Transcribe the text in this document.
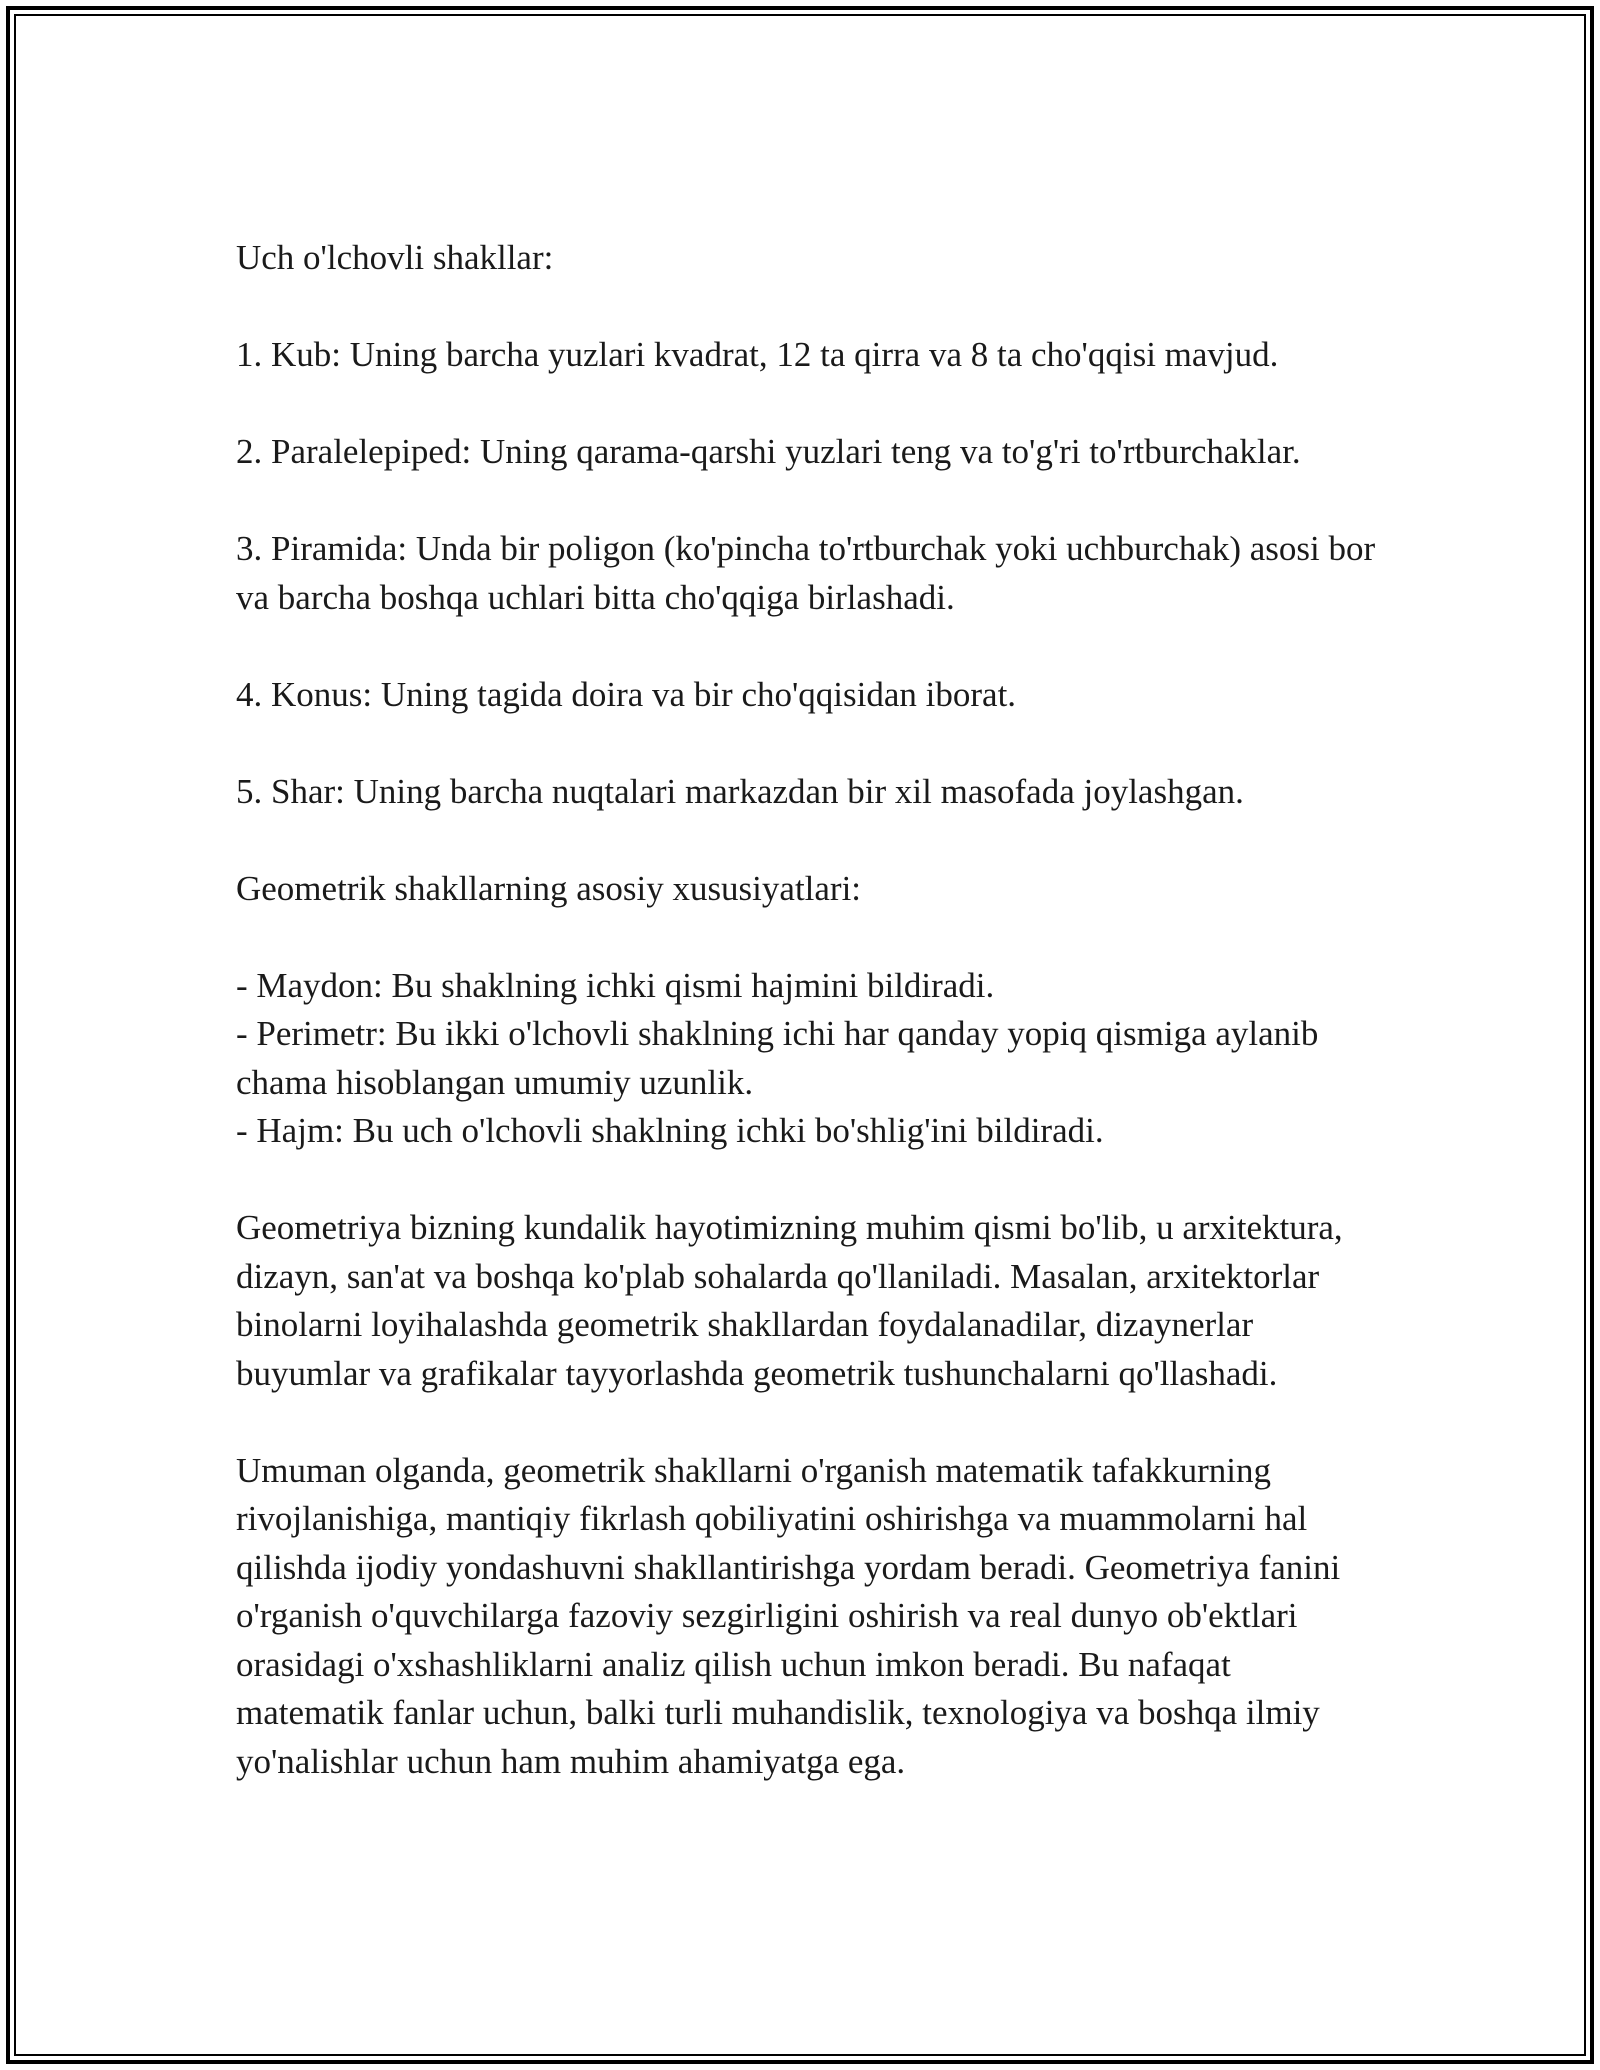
Uch o'lchovli shakllar:

1. Kub: Uning barcha yuzlari kvadrat, 12 ta qirra va 8 ta cho'qqisi mavjud.

2. Paralelepiped: Uning qarama-qarshi yuzlari teng va to'g'ri to'rtburchaklar.

3. Piramida: Unda bir poligon (ko'pincha to'rtburchak yoki uchburchak) asosi bor va barcha boshqa uchlari bitta cho'qqiga birlashadi.

4. Konus: Uning tagida doira va bir cho'qqisidan iborat.

5. Shar: Uning barcha nuqtalari markazdan bir xil masofada joylashgan.

Geometrik shakllarning asosiy xususiyatlari:

- Maydon: Bu shaklning ichki qismi hajmini bildiradi.
- Perimetr: Bu ikki o'lchovli shaklning ichi har qanday yopiq qismiga aylanib chama hisoblangan umumiy uzunlik.
- Hajm: Bu uch o'lchovli shaklning ichki bo'shlig'ini bildiradi.

Geometriya bizning kundalik hayotimizning muhim qismi bo'lib, u arxitektura, dizayn, san'at va boshqa ko'plab sohalarda qo'llaniladi. Masalan, arxitektorlar binolarni loyihalashda geometrik shakllardan foydalanadilar, dizaynerlar buyumlar va grafikalar tayyorlashda geometrik tushunchalarni qo'llashadi.

Umuman olganda, geometrik shakllarni o'rganish matematik tafakkurning rivojlanishiga, mantiqiy fikrlash qobiliyatini oshirishga va muammolarni hal qilishda ijodiy yondashuvni shakllantirishga yordam beradi. Geometriya fanini o'rganish o'quvchilarga fazoviy sezgirligini oshirish va real dunyo ob'ektlari orasidagi o'xshashliklarni analiz qilish uchun imkon beradi. Bu nafaqat matematik fanlar uchun, balki turli muhandislik, texnologiya va boshqa ilmiy yo'nalishlar uchun ham muhim ahamiyatga ega.
